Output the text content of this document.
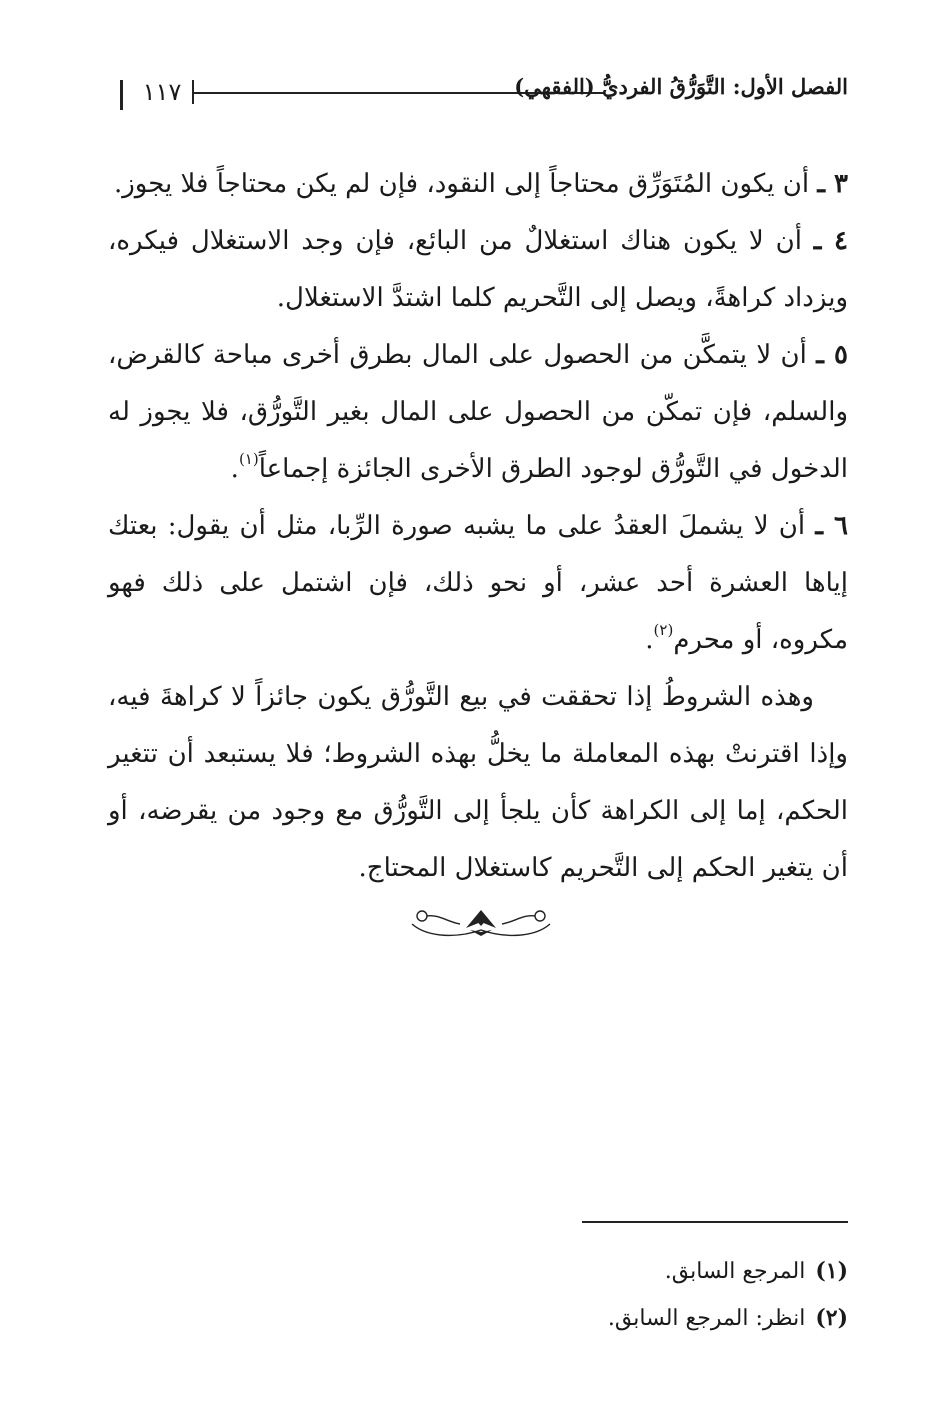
١١٧	الفصل الأول: التَّوَرُّقُ الفرديُّ (الفقهي)

٣ ـ أن يكون المُتَوَرِّق محتاجاً إلى النقود، فإن لم يكن محتاجاً فلا يجوز.

٤ ـ أن لا يكون هناك استغلالٌ من البائع، فإن وجد الاستغلال فيكره، ويزداد كراهةً، ويصل إلى التَّحريم كلما اشتدَّ الاستغلال.

٥ ـ أن لا يتمكَّن من الحصول على المال بطرق أخرى مباحة كالقرض، والسلم، فإن تمكّن من الحصول على المال بغير التَّورُّق، فلا يجوز له الدخول في التَّورُّق لوجود الطرق الأخرى الجائزة إجماعاً$^{(١)}$.

٦ ـ أن لا يشملَ العقدُ على ما يشبه صورة الرِّبا، مثل أن يقول: بعتك إياها العشرة أحد عشر، أو نحو ذلك، فإن اشتمل على ذلك فهو مكروه، أو محرم$^{(٢)}$.

وهذه الشروطُ إذا تحققت في بيع التَّورُّق يكون جائزاً لا كراهةَ فيه، وإذا اقترنتْ بهذه المعاملة ما يخلُّ بهذه الشروط؛ فلا يستبعد أن تتغير الحكم، إما إلى الكراهة كأن يلجأ إلى التَّورُّق مع وجود من يقرضه، أو أن يتغير الحكم إلى التَّحريم كاستغلال المحتاج.

(١)المرجع السابق.

(٢)انظر: المرجع السابق.
